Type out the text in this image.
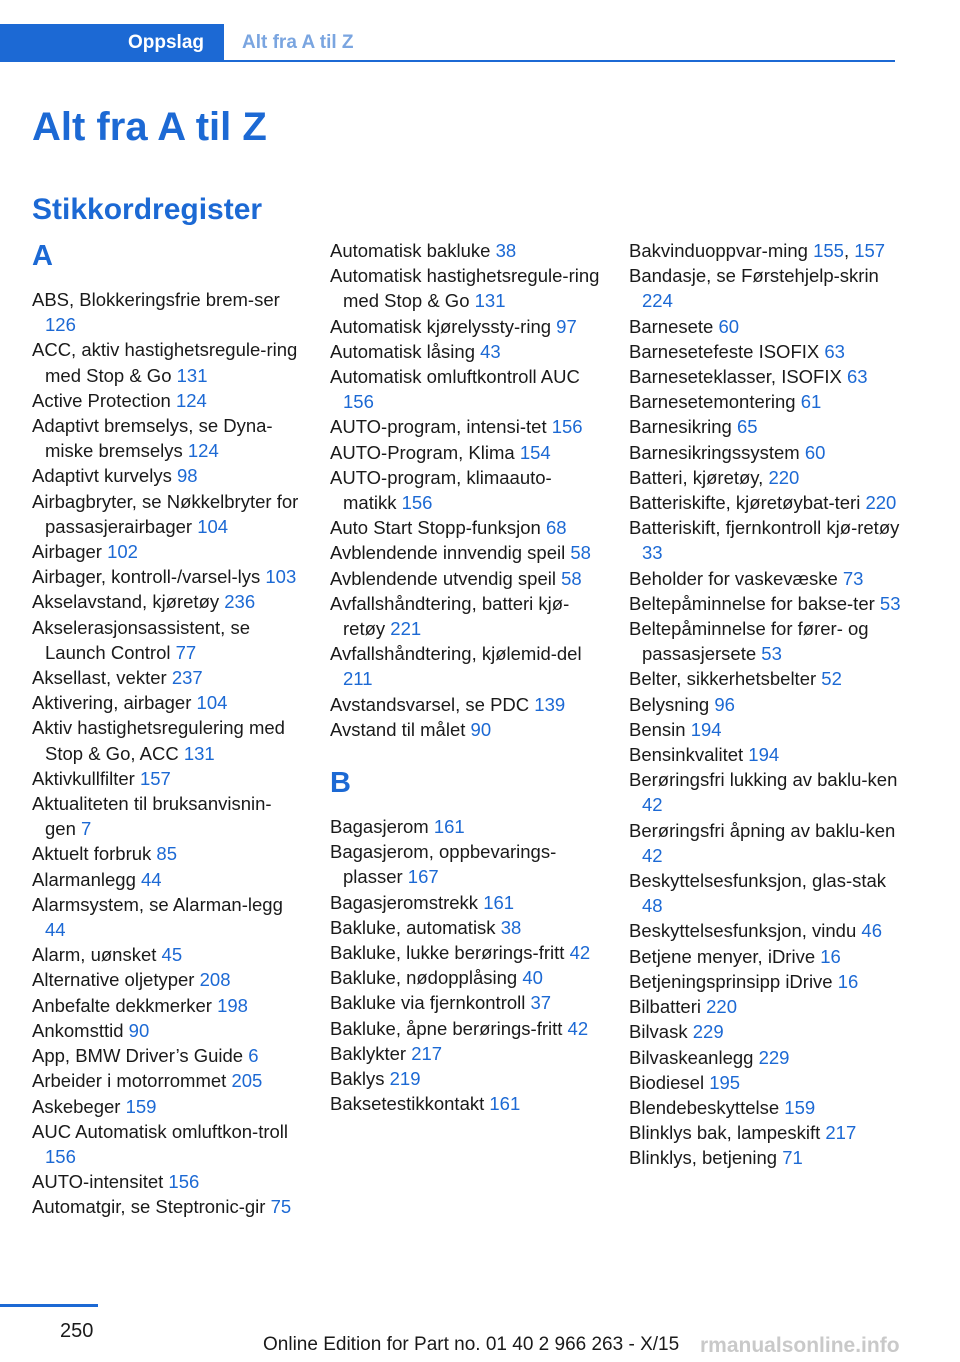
Oppslag	Alt fra A til Z
Alt fra A til Z
Stikkordregister
A
ABS, Blokkeringsfrie brem-ser 126
ACC, aktiv hastighetsregule-ring med Stop & Go 131
Active Protection 124
Adaptivt bremselys, se Dyna-miske bremselys 124
Adaptivt kurvelys 98
Airbagbryter, se Nøkkelbryter for passasjerairbager 104
Airbager 102
Airbager, kontroll-/varsel-lys 103
Akselavstand, kjøretøy 236
Akselerasjonsassistent, se Launch Control 77
Aksellast, vekter 237
Aktivering, airbager 104
Aktiv hastighetsregulering med Stop & Go, ACC 131
Aktivkullfilter 157
Aktualiteten til bruksanvisnin-gen 7
Aktuelt forbruk 85
Alarmanlegg 44
Alarmsystem, se Alarman-legg 44
Alarm, uønsket 45
Alternative oljetyper 208
Anbefalte dekkmerker 198
Ankomsttid 90
App, BMW Driver’s Guide 6
Arbeider i motorrommet 205
Askebeger 159
AUC Automatisk omluftkon-troll 156
AUTO-intensitet 156
Automatgir, se Steptronic-gir 75
Automatisk bakluke 38
Automatisk hastighetsregule-ring med Stop & Go 131
Automatisk kjørelyssty-ring 97
Automatisk låsing 43
Automatisk omluftkontroll AUC 156
AUTO-program, intensi-tet 156
AUTO-Program, Klima 154
AUTO-program, klimaauto-matikk 156
Auto Start Stopp-funksjon 68
Avblendende innvendig speil 58
Avblendende utvendig speil 58
Avfallshåndtering, batteri kjø-retøy 221
Avfallshåndtering, kjølemid-del 211
Avstandsvarsel, se PDC 139
Avstand til målet 90
B
Bagasjerom 161
Bagasjerom, oppbevarings-plasser 167
Bagasjeromstrekk 161
Bakluke, automatisk 38
Bakluke, lukke berørings-fritt 42
Bakluke, nødopplåsing 40
Bakluke via fjernkontroll 37
Bakluke, åpne berørings-fritt 42
Baklykter 217
Baklys 219
Baksetestikkontakt 161
Bakvinduoppvar-ming 155, 157
Bandasje, se Førstehjelp-skrin 224
Barnesete 60
Barnesetefeste ISOFIX 63
Barneseteklasser, ISOFIX 63
Barnesetemontering 61
Barnesikring 65
Barnesikringssystem 60
Batteri, kjøretøy, 220
Batteriskifte, kjøretøybat-teri 220
Batteriskift, fjernkontroll kjø-retøy 33
Beholder for vaskevæske 73
Beltepåminnelse for bakse-ter 53
Beltepåminnelse for fører- og passasjersete 53
Belter, sikkerhetsbelter 52
Belysning 96
Bensin 194
Bensinkvalitet 194
Berøringsfri lukking av baklu-ken 42
Berøringsfri åpning av baklu-ken 42
Beskyttelsesfunksjon, glas-stak 48
Beskyttelsesfunksjon, vindu 46
Betjene menyer, iDrive 16
Betjeningsprinsipp iDrive 16
Bilbatteri 220
Bilvask 229
Bilvaskeanlegg 229
Biodiesel 195
Blendebeskyttelse 159
Blinklys bak, lampeskift 217
Blinklys, betjening 71
250
Online Edition for Part no. 01 40 2 966 263 - X/15 rmanualsonline.info
